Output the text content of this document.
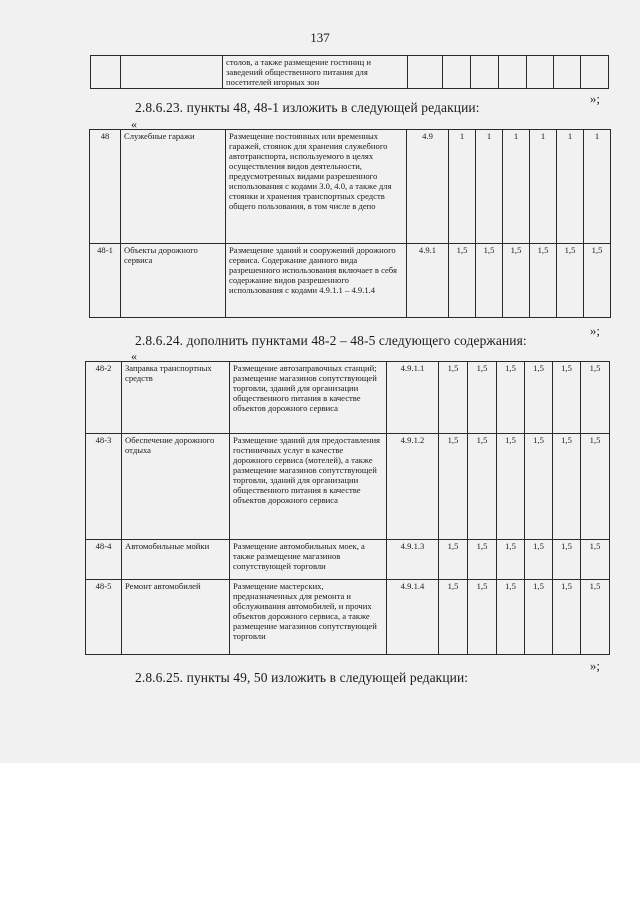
137
		столов, а также размещение гостиниц и заведений общественного питания для посетителей игорных зон							
»;
2.8.6.23. пункты 48, 48-1 изложить в следующей редакции:
«
48	Служебные гаражи	Размещение постоянных или временных гаражей, стоянок для хранения служебного автотранспорта, используемого в целях осуществления видов деятельности, предусмотренных видами разрешенного использования с кодами 3.0, 4.0, а также для стоянки и хранения транспортных средств общего пользования, в том числе в депо	4.9	1	1	1	1	1	1
48-1	Объекты дорожного сервиса	Размещение зданий и сооружений дорожного сервиса. Содержание данного вида разрешенного использования включает в себя содержание видов разрешенного использования с кодами 4.9.1.1 – 4.9.1.4	4.9.1	1,5	1,5	1,5	1,5	1,5	1,5
»;
2.8.6.24. дополнить пунктами 48-2 – 48-5 следующего содержания:
«
48-2	Заправка транспортных средств	Размещение автозаправочных станций; размещение магазинов сопутствующей торговли, зданий для организации общественного питания в качестве объектов дорожного сервиса	4.9.1.1	1,5	1,5	1,5	1,5	1,5	1,5
48-3	Обеспечение дорожного отдыха	Размещение зданий для предоставления гостиничных услуг в качестве дорожного сервиса (мотелей), а также размещение магазинов сопутствующей торговли, зданий для организации общественного питания в качестве объектов дорожного сервиса	4.9.1.2	1,5	1,5	1,5	1,5	1,5	1,5
48-4	Автомобильные мойки	Размещение автомобильных моек, а также размещение магазинов сопутствующей торговли	4.9.1.3	1,5	1,5	1,5	1,5	1,5	1,5
48-5	Ремонт автомобилей	Размещение мастерских, предназначенных для ремонта и обслуживания автомобилей, и прочих объектов дорожного сервиса, а также размещение магазинов сопутствующей торговли	4.9.1.4	1,5	1,5	1,5	1,5	1,5	1,5
»;
2.8.6.25. пункты 49, 50 изложить в следующей редакции:
